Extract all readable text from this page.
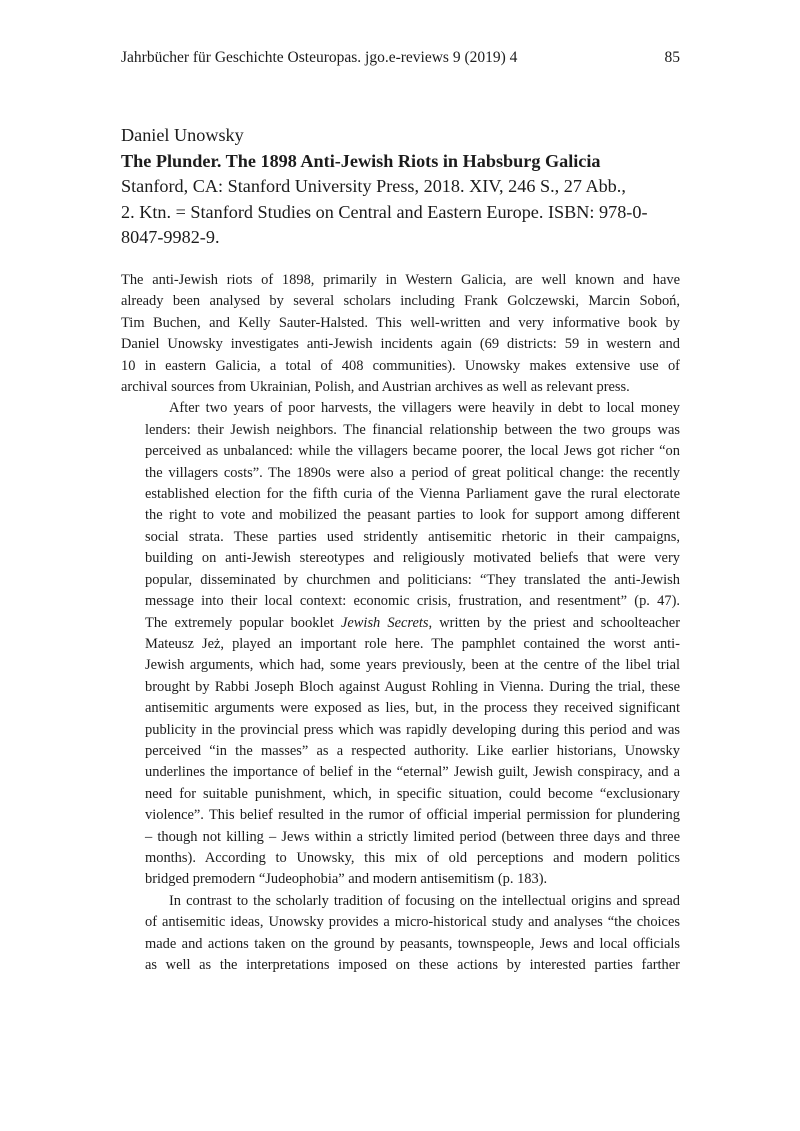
Jahrbücher für Geschichte Osteuropas. jgo.e-reviews 9 (2019) 4	85
Daniel Unowsky
The Plunder. The 1898 Anti-Jewish Riots in Habsburg Galicia
Stanford, CA: Stanford University Press, 2018. XIV, 246 S., 27 Abb.,
2. Ktn. = Stanford Studies on Central and Eastern Europe. ISBN: 978-0-
8047-9982-9.

The anti-Jewish riots of 1898, primarily in Western Galicia, are well known and have
already been analysed by several scholars including Frank Golczewski, Marcin Soboń,
Tim Buchen, and Kelly Sauter-Halsted. This well-written and very informative book by
Daniel Unowsky investigates anti-Jewish incidents again (69 districts: 59 in western and
10 in eastern Galicia, a total of 408 communities). Unowsky makes extensive use of
archival sources from Ukrainian, Polish, and Austrian archives as well as relevant press.

After two years of poor harvests, the villagers were heavily in debt to local money
lenders: their Jewish neighbors. The financial relationship between the two groups was
perceived as unbalanced: while the villagers became poorer, the local Jews got richer “on
the villagers costs”. The 1890s were also a period of great political change: the recently
established election for the fifth curia of the Vienna Parliament gave the rural electorate
the right to vote and mobilized the peasant parties to look for support among different
social strata. These parties used stridently antisemitic rhetoric in their campaigns,
building on anti-Jewish stereotypes and religiously motivated beliefs that were very
popular, disseminated by churchmen and politicians: “They translated the anti-Jewish
message into their local context: economic crisis, frustration, and resentment” (p. 47).
The extremely popular booklet Jewish Secrets, written by the priest and schoolteacher
Mateusz Jeż, played an important role here. The pamphlet contained the worst anti-
Jewish arguments, which had, some years previously, been at the centre of the libel trial
brought by Rabbi Joseph Bloch against August Rohling in Vienna. During the trial, these
antisemitic arguments were exposed as lies, but, in the process they received significant
publicity in the provincial press which was rapidly developing during this period and was
perceived “in the masses” as a respected authority. Like earlier historians, Unowsky
underlines the importance of belief in the “eternal” Jewish guilt, Jewish conspiracy, and a
need for suitable punishment, which, in specific situation, could become “exclusionary
violence”. This belief resulted in the rumor of official imperial permission for plundering
– though not killing – Jews within a strictly limited period (between three days and three
months). According to Unowsky, this mix of old perceptions and modern politics
bridged premodern “Judeophobia” and modern antisemitism (p. 183).

In contrast to the scholarly tradition of focusing on the intellectual origins and spread
of antisemitic ideas, Unowsky provides a micro-historical study and analyses “the choices
made and actions taken on the ground by peasants, townspeople, Jews and local officials
as well as the interpretations imposed on these actions by interested parties farther
